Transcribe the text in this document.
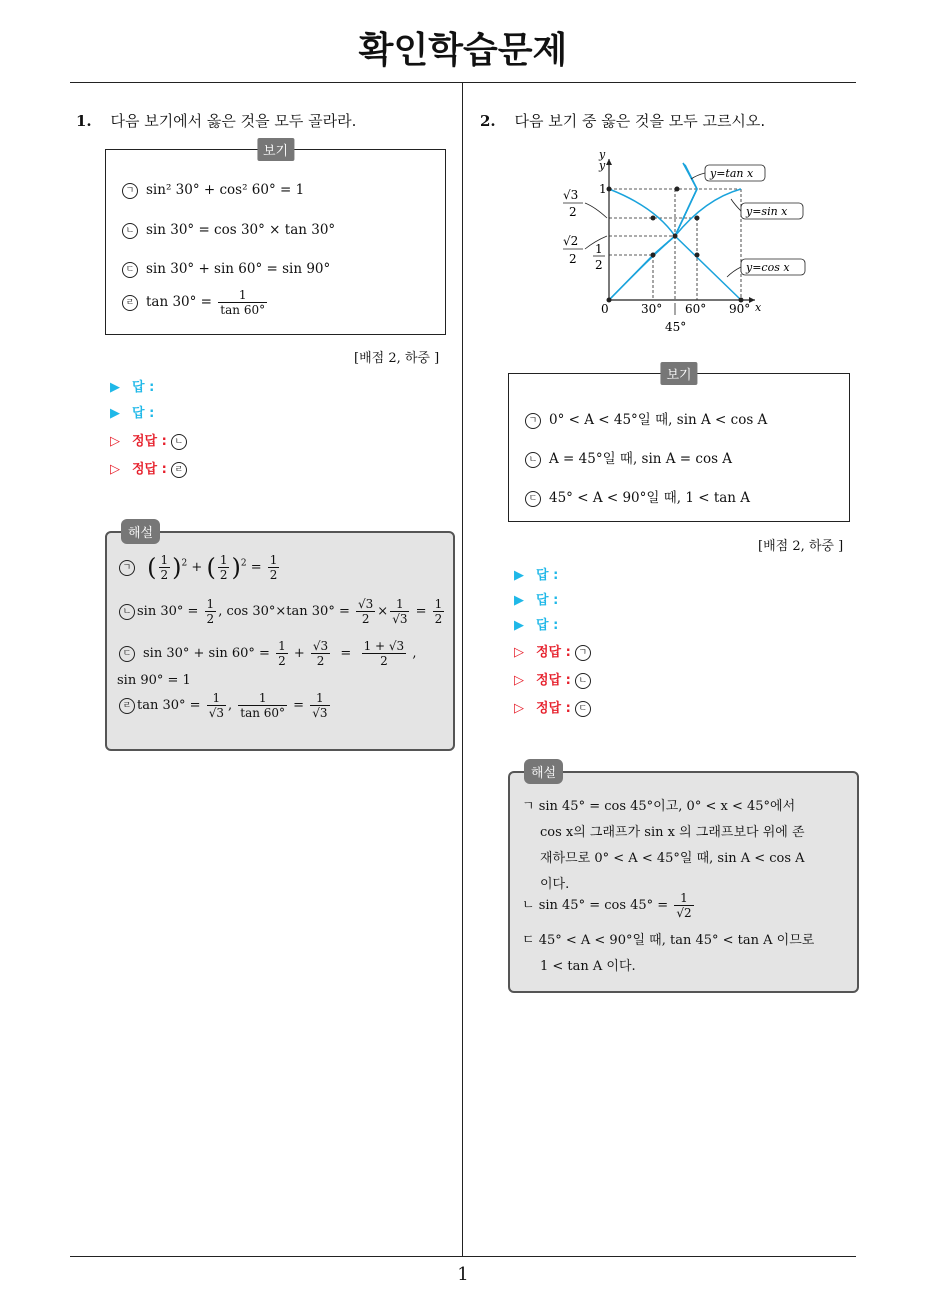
확인학습문제
1
1. 다음 보기에서 옳은 것을 모두 골라라.
보기
ㄱ sin² 30° + cos² 60° = 1
ㄴ sin 30° = cos 30° × tan 30°
ㄷ sin 30° + sin 60° = sin 90°
ㄹ $\tan 30^\circ = \frac{1}{\tan 60^\circ}$
[배점 2, 하중 ]
▶ 답 :
▶ 답 :
▷ 정답 : ㄴ
▷ 정답 : ㄹ
해설
ㄱ ( $\frac{1}{2} )^2$ + ( $\frac{1}{2} )^2 = \frac{1}{2}$
ㄴ $\sin 30^\circ = \frac{1}{2}$ , cos 30°×tan $30^\circ = \frac{√3}{2} \times \frac{1}{√3} = \frac{1}{2}$
ㄷ $\sin 30^\circ + \sin 60^\circ = \frac{1}{2} + \frac{√3}{2} = \frac{1 + √3}{2}$ ,
sin 90° = 1
ㄹ $\tan 30^\circ = \frac{1}{√3}$ , $\frac{1}{\tan 60^\circ} = \frac{1}{√3}$
2. 다음 보기 중 옳은 것을 모두 고르시오.
y
y
x
0	30° 60° 90°
45°
1
√3
2
√2
2
1
2
y=tan x
y=sin x
y=cos x
보기
ㄱ 0° < A < 45°일 때, sin A < cos A
ㄴ A = 45°일 때, sin A = cos A
ㄷ 45° < A < 90°일 때, 1 < tan A
[배점 2, 하중 ]
▶ 답 :
▶ 답 :
▶ 답 :
▷ 정답 : ㄱ
▷ 정답 : ㄴ
▷ 정답 : ㄷ
해설
ㄱ sin 45° = cos 45°이고, 0° < x < 45°에서
cos x의 그래프가 sin x 의 그래프보다 위에 존
재하므로 0° < A < 45°일 때, sin A < cos A
이다.
ㄴ $\sin 45^\circ = \cos 45^\circ = \frac{1}{√2}$
ㄷ 45° < A < 90°일 때, tan 45° < tan A 이므로
1 < tan A 이다.
